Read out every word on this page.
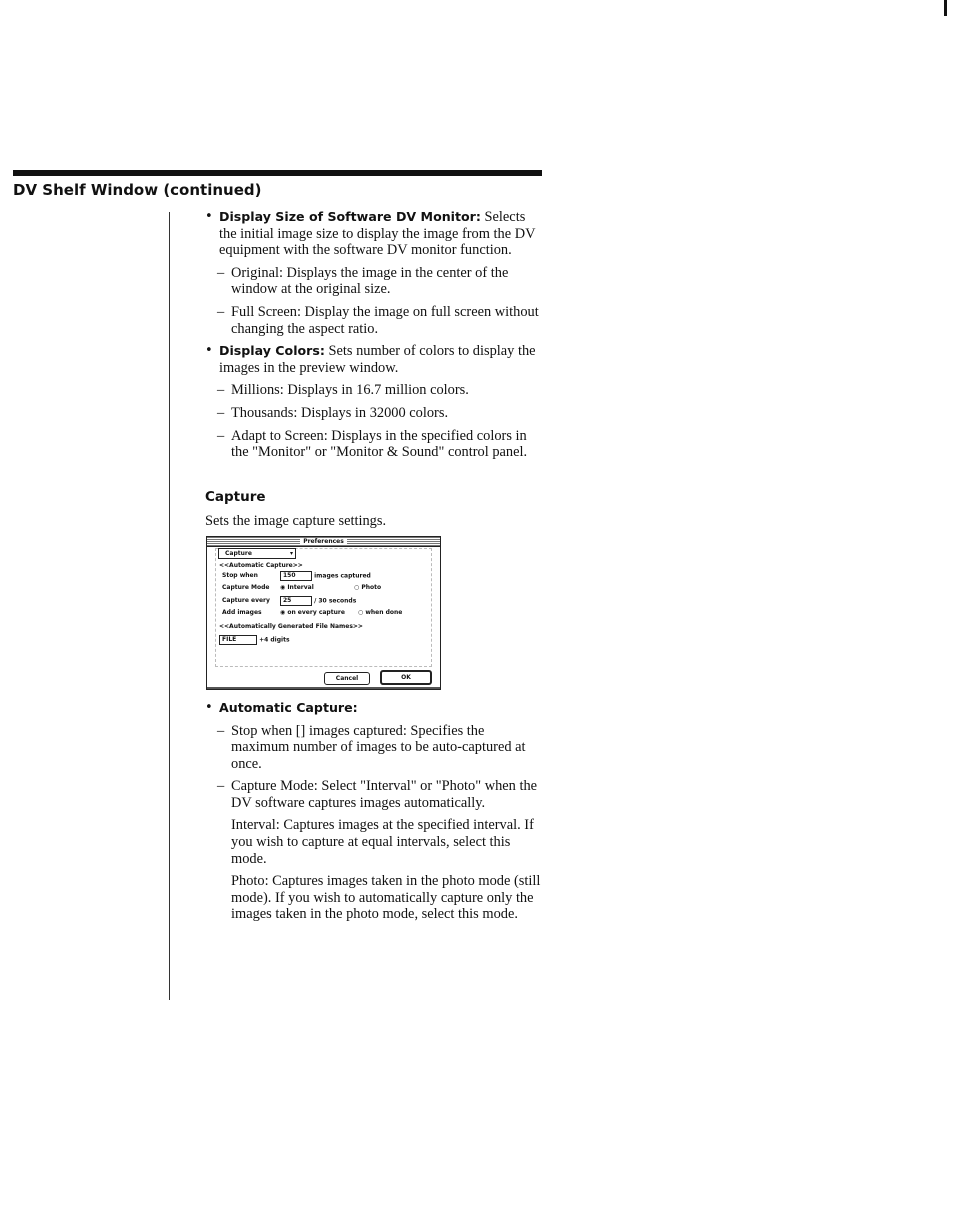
DV Shelf Window (continued)

• Display Size of Software DV Monitor: Selects the initial image size to display the image from the DV equipment with the software DV monitor function.

– Original: Displays the image in the center of the window at the original size.

– Full Screen: Display the image on full screen without changing the aspect ratio.

• Display Colors: Sets number of colors to display the images in the preview window.

– Millions: Displays in 16.7 million colors.

– Thousands: Displays in 32000 colors.

– Adapt to Screen: Displays in the specified colors in the "Monitor" or "Monitor & Sound" control panel.

Capture

Sets the image capture settings.

Preferences
Capture ▾
<<Automatic Capture>>
Stop when	150	images captured
Capture Mode	◉ Interval	○ Photo
Capture every 25	/ 30 seconds
Add images	◉ on every capture	○ when done
<<Automatically Generated File Names>>
FILE	+4 digits
Cancel	OK

• Automatic Capture:

– Stop when [] images captured: Specifies the maximum number of images to be auto-captured at once.

– Capture Mode: Select "Interval" or "Photo" when the DV software captures images automatically.

Interval: Captures images at the specified interval. If you wish to capture at equal intervals, select this mode.

Photo: Captures images taken in the photo mode (still mode). If you wish to automatically capture only the images taken in the photo mode, select this mode.
